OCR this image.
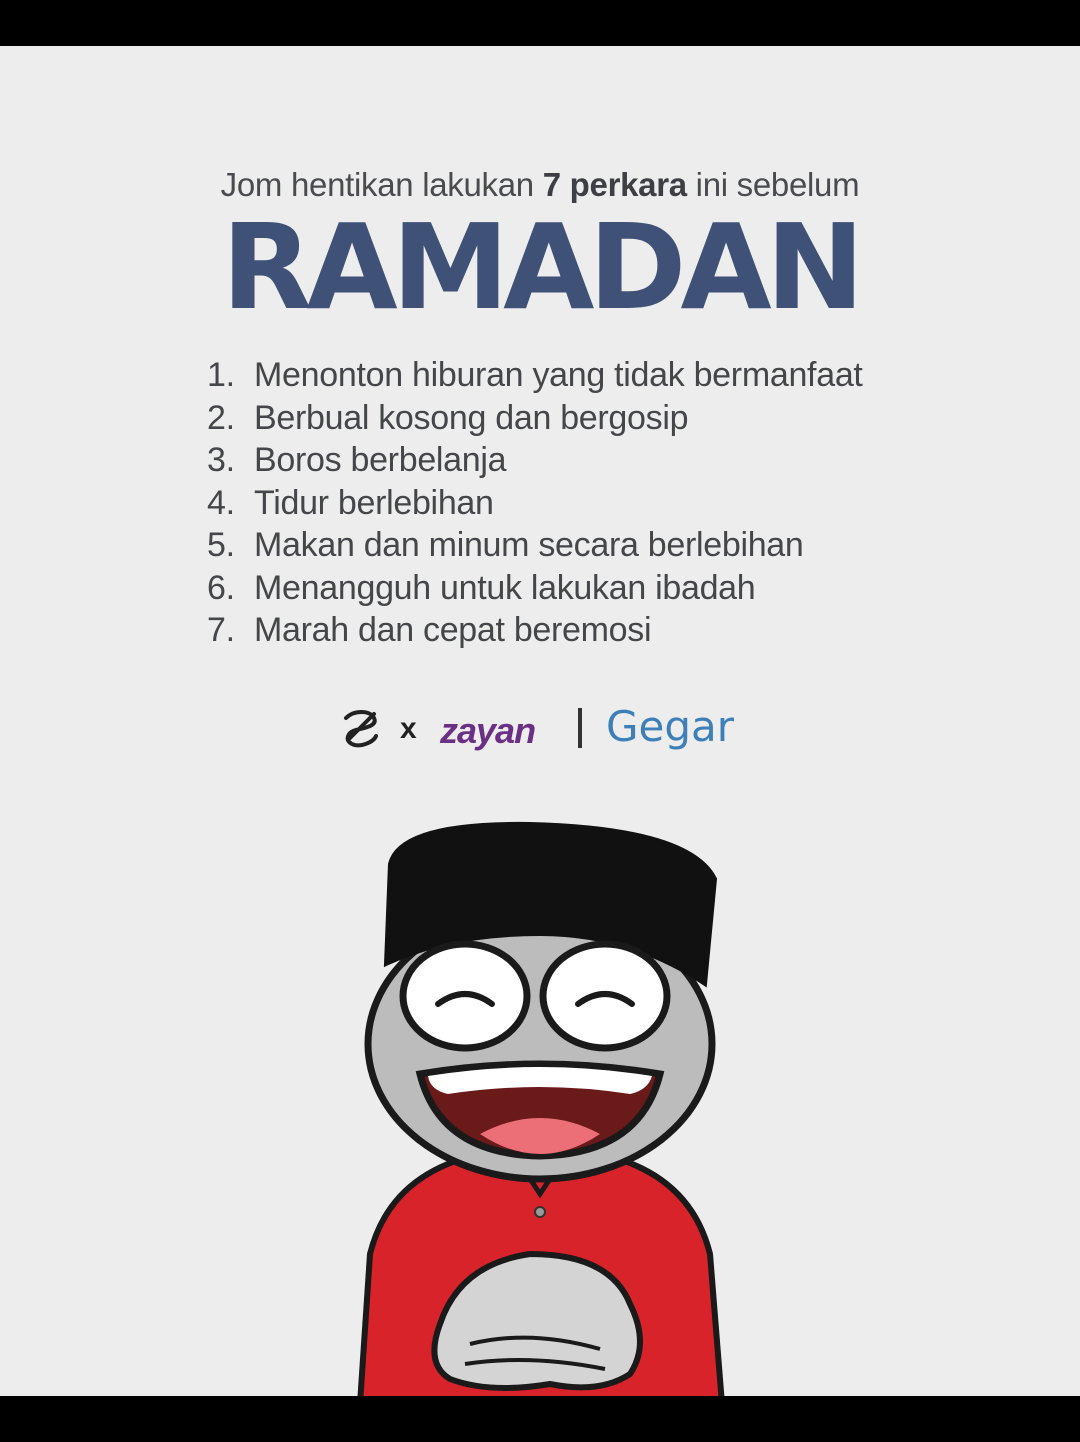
Jom hentikan lakukan 7 perkara ini sebelum
RAMADAN
1. Menonton hiburan yang tidak bermanfaat
2. Berbual kosong dan bergosip
3. Boros berbelanja
4. Tidur berlebihan
5. Makan dan minum secara berlebihan
6. Menangguh untuk lakukan ibadah
7. Marah dan cepat beremosi
x zayan Gegar
